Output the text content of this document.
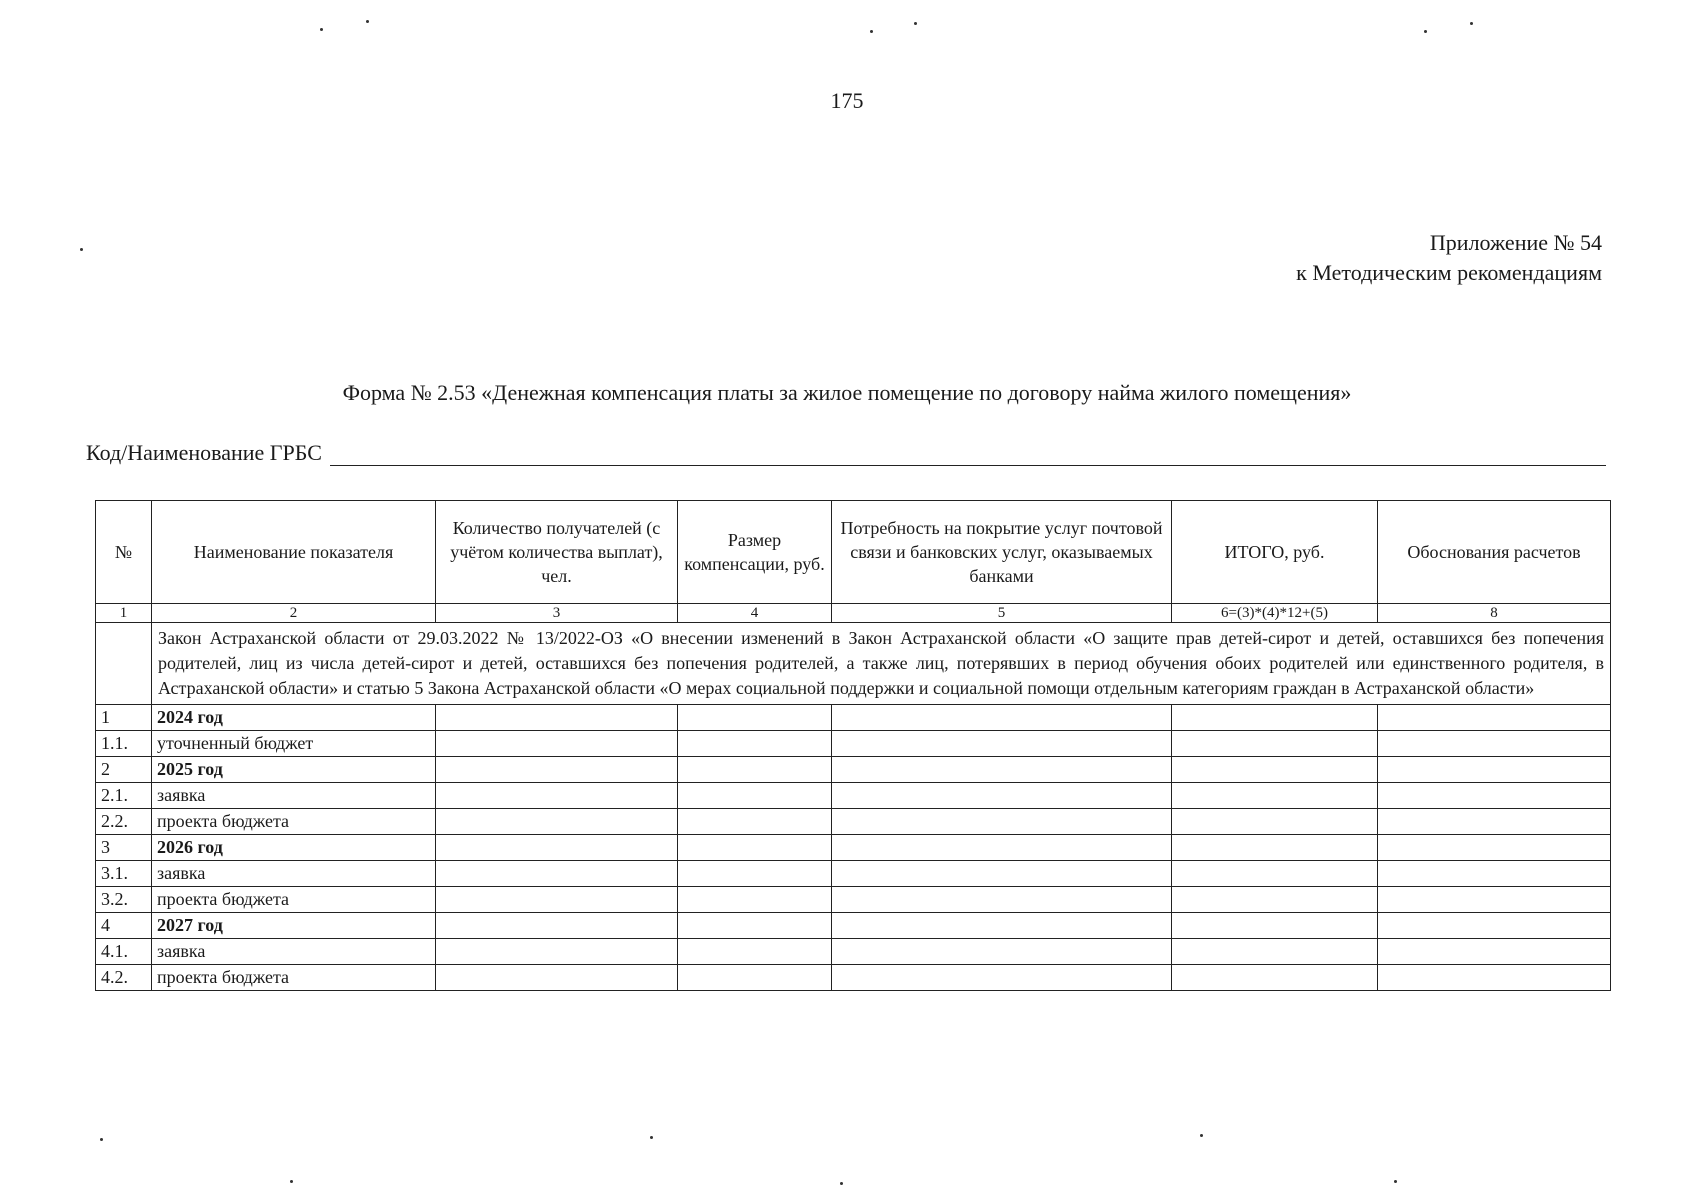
175
Приложение № 54
к Методическим рекомендациям
Форма № 2.53 «Денежная компенсация платы за жилое помещение по договору найма жилого помещения»
Код/Наименование ГРБС
№	Наименование показателя	Количество получателей (с учётом количества выплат), чел.	Размер компенсации, руб.	Потребность на покрытие услуг почтовой связи и банковских услуг, оказываемых банками	ИТОГО, руб.	Обоснования расчетов
1	2	3	4	5	6=(3)*(4)*12+(5)	8
	Закон Астраханской области от 29.03.2022 № 13/2022-ОЗ «О внесении изменений в Закон Астраханской области «О защите прав детей-сирот и детей, оставшихся без попечения родителей, лиц из числа детей-сирот и детей, оставшихся без попечения родителей, а также лиц, потерявших в период обучения обоих родителей или единственного родителя, в Астраханской области» и статью 5 Закона Астраханской области «О мерах социальной поддержки и социальной помощи отдельным категориям граждан в Астраханской области»					
1	2024 год					
1.1.	уточненный бюджет					
2	2025 год					
2.1.	заявка					
2.2.	проекта бюджета					
3	2026 год					
3.1.	заявка					
3.2.	проекта бюджета					
4	2027 год					
4.1.	заявка					
4.2.	проекта бюджета					
